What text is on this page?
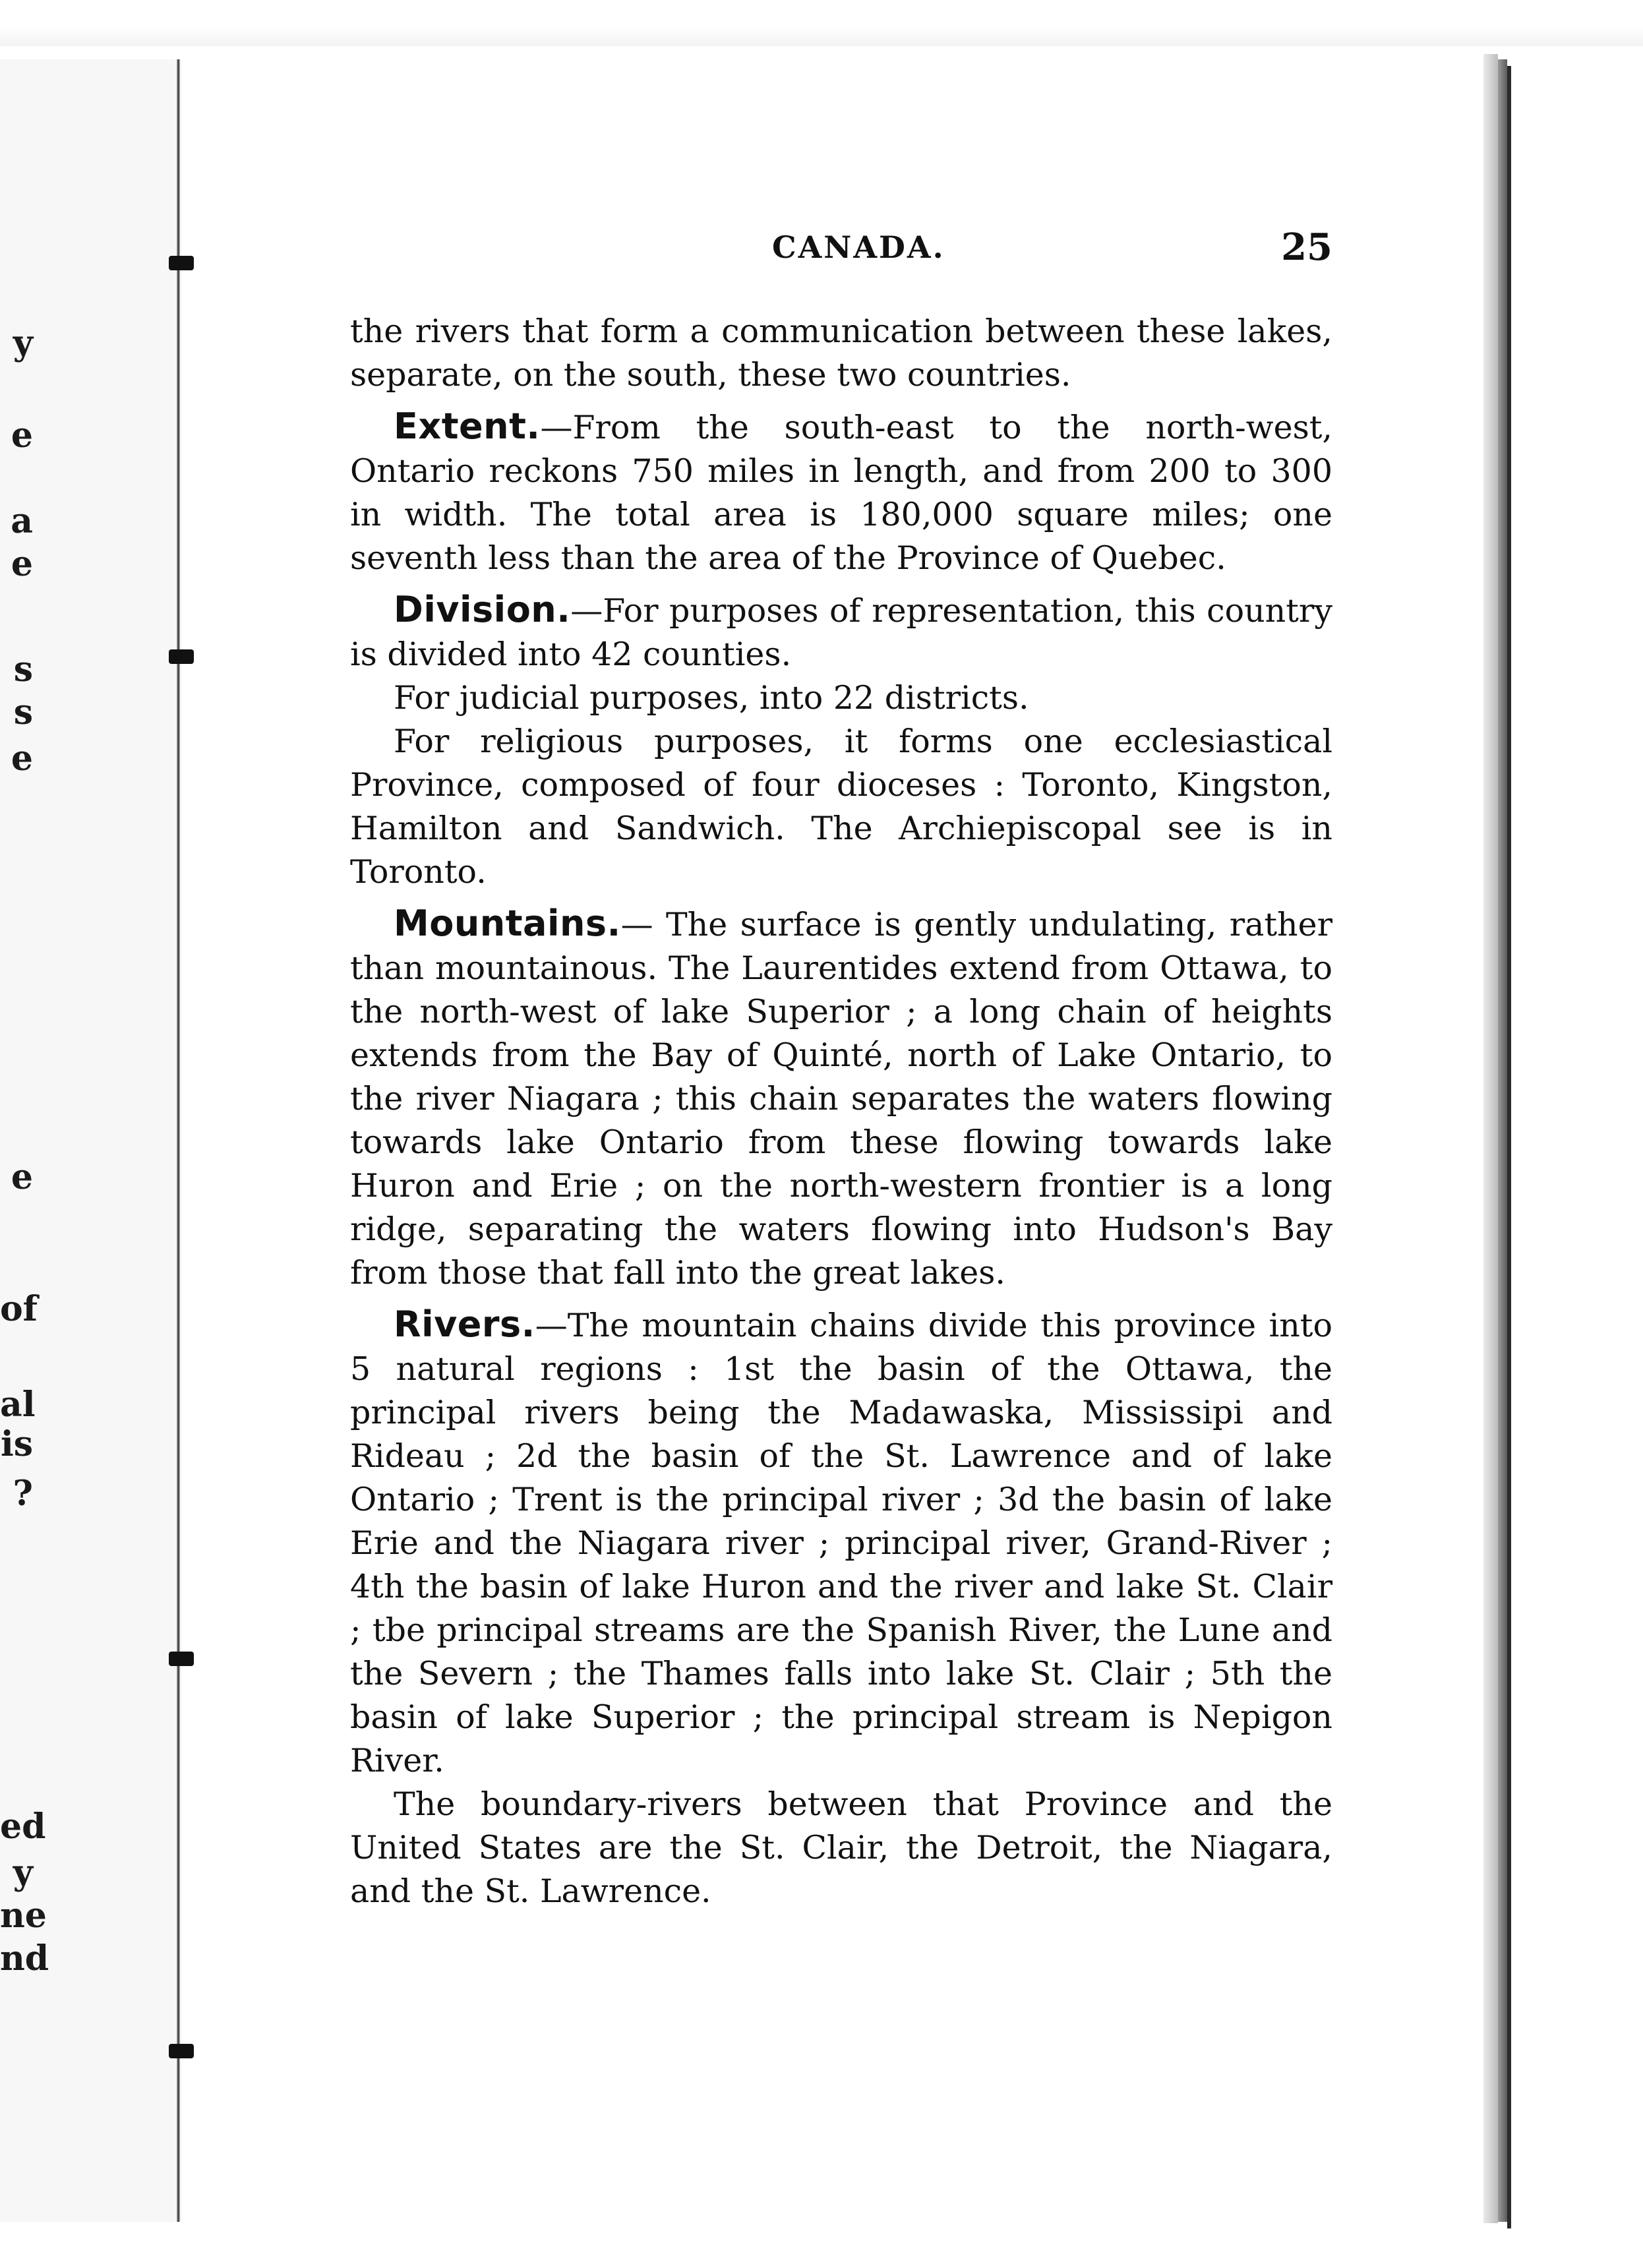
y
e
a
e
s
s
e
e
of
al
is
?
ed
y
ne
nd
CANADA.	25

the rivers that form a communication between these lakes, separate, on the south, these two countries.

Extent.—From the south-east to the north-west, Ontario reckons 750 miles in length, and from 200 to 300 in width. The total area is 180,000 square miles; one seventh less than the area of the Province of Quebec.

Division.—For purposes of representation, this country is divided into 42 counties.

For judicial purposes, into 22 districts.

For religious purposes, it forms one ecclesiastical Province, composed of four dioceses : Toronto, Kingston, Hamilton and Sandwich. The Archiepiscopal see is in Toronto.

Mountains.— The surface is gently undulating, rather than mountainous. The Laurentides extend from Ottawa, to the north-west of lake Superior ; a long chain of heights extends from the Bay of Quinté, north of Lake Ontario, to the river Niagara ; this chain separates the waters flowing towards lake Ontario from these flowing towards lake Huron and Erie ; on the north-western frontier is a long ridge, separating the waters flowing into Hudson's Bay from those that fall into the great lakes.

Rivers.—The mountain chains divide this province into 5 natural regions : 1st the basin of the Ottawa, the principal rivers being the Madawaska, Mississipi and Rideau ; 2d the basin of the St. Lawrence and of lake Ontario ; Trent is the principal river ; 3d the basin of lake Erie and the Niagara river ; principal river, Grand-River ; 4th the basin of lake Huron and the river and lake St. Clair ; tbe principal streams are the Spanish River, the Lune and the Severn ; the Thames falls into lake St. Clair ; 5th the basin of lake Superior ; the principal stream is Nepigon River.

The boundary-rivers between that Province and the United States are the St. Clair, the Detroit, the Niagara, and the St. Lawrence.
